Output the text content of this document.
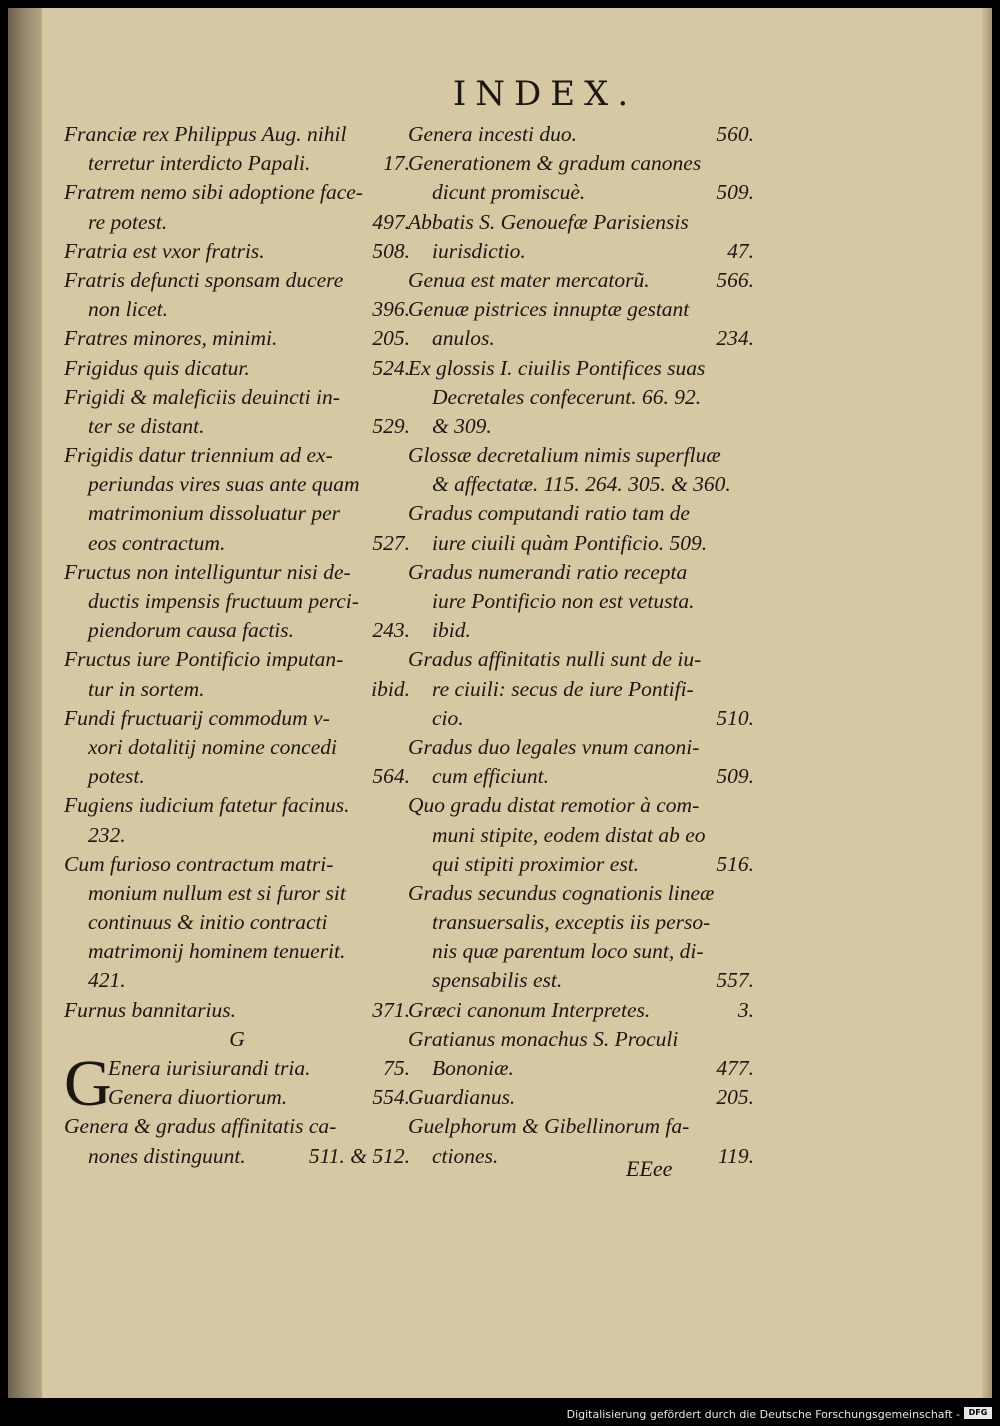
INDEX.
Franciæ rex Philippus Aug. nihil
terretur interdicto Papali.	17.
Fratrem nemo sibi adoptione face-
re potest.	497.
Fratria est vxor fratris.	508.
Fratris defuncti sponsam ducere
non licet.	396.
Fratres minores, minimi.	205.
Frigidus quis dicatur.	524.
Frigidi & maleficiis deuincti in-
ter se distant.	529.
Frigidis datur triennium ad ex-
periundas vires suas ante quam
matrimonium dissoluatur per
eos contractum.	527.
Fructus non intelliguntur nisi de-
ductis impensis fructuum perci-
piendorum causa factis.	243.
Fructus iure Pontificio imputan-
tur in sortem.	ibid.
Fundi fructuarij commodum v-
xori dotalitij nomine concedi
potest.	564.
Fugiens iudicium fatetur facinus.
232.
Cum furioso contractum matri-
monium nullum est si furor sit
continuus & initio contracti
matrimonij hominem tenuerit.
421.
Furnus bannitarius.	371.
G
G
Enera iurisiurandi tria.	75.
Genera diuortiorum.	554.
Genera & gradus affinitatis ca-
nones distinguunt.	511. & 512.
Genera incesti duo.	560.
Generationem & gradum canones
dicunt promiscuè.	509.
Abbatis S. Genouefæ Parisiensis
iurisdictio.	47.
Genua est mater mercatorũ.	566.
Genuæ pistrices innuptæ gestant
anulos.	234.
Ex glossis I. ciuilis Pontifices suas
Decretales confecerunt. 66. 92.
& 309.
Glossæ decretalium nimis superfluæ
& affectatæ. 115. 264. 305. & 360.
Gradus computandi ratio tam de
iure ciuili quàm Pontificio. 509.
Gradus numerandi ratio recepta
iure Pontificio non est vetusta.
ibid.
Gradus affinitatis nulli sunt de iu-
re ciuili: secus de iure Pontifi-
cio.	510.
Gradus duo legales vnum canoni-
cum efficiunt.	509.
Quo gradu distat remotior à com-
muni stipite, eodem distat ab eo
qui stipiti proximior est.	516.
Gradus secundus cognationis lineæ
transuersalis, exceptis iis perso-
nis quæ parentum loco sunt, di-
spensabilis est.	557.
Græci canonum Interpretes.	3.
Gratianus monachus S. Proculi
Bononiæ.	477.
Guardianus.	205.
Guelphorum & Gibellinorum fa-
ctiones.	119.
EEee
Digitalisierung gefördert durch die Deutsche Forschungsgemeinschaft -	DFG
